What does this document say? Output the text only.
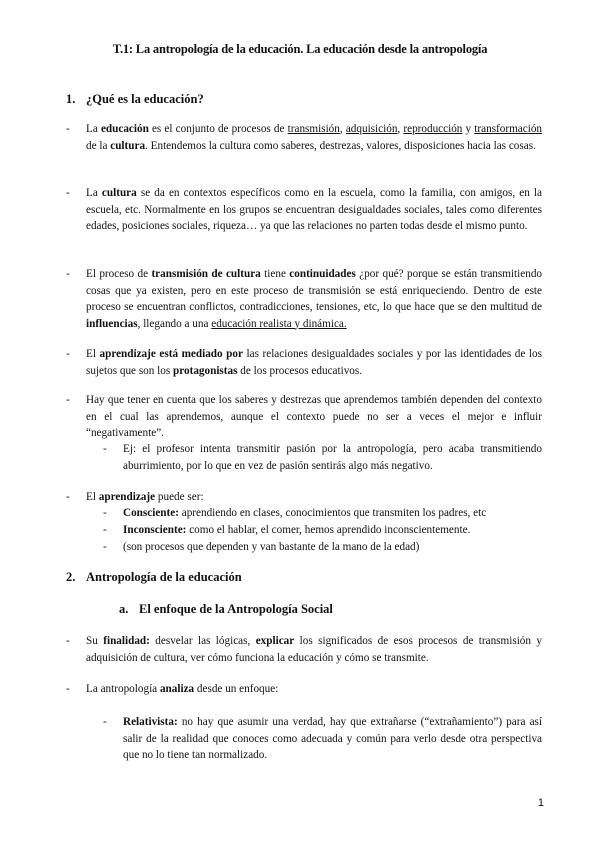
T.1: La antropología de la educación. La educación desde la antropología
1. ¿Qué es la educación?
- La educación es el conjunto de procesos de transmisión, adquisición, reproducción y transformación de la cultura. Entendemos la cultura como saberes, destrezas, valores, disposiciones hacia las cosas.
- La cultura se da en contextos específicos como en la escuela, como la familia, con amigos, en la escuela, etc. Normalmente en los grupos se encuentran desigualdades sociales, tales como diferentes edades, posiciones sociales, riqueza… ya que las relaciones no parten todas desde el mismo punto.
- El proceso de transmisión de cultura tiene continuidades ¿por qué? porque se están transmitiendo cosas que ya existen, pero en este proceso de transmisión se está enriqueciendo. Dentro de este proceso se encuentran conflictos, contradicciones, tensiones, etc, lo que hace que se den multitud de influencias, llegando a una educación realista y dinámica.
- El aprendizaje está mediado por las relaciones desigualdades sociales y por las identidades de los sujetos que son los protagonistas de los procesos educativos.
- Hay que tener en cuenta que los saberes y destrezas que aprendemos también dependen del contexto en el cual las aprendemos, aunque el contexto puede no ser a veces el mejor e influir “negativamente”.
- Ej: el profesor intenta transmitir pasión por la antropología, pero acaba transmitiendo aburrimiento, por lo que en vez de pasión sentirás algo más negativo.
- El aprendizaje puede ser:
- Consciente: aprendiendo en clases, conocimientos que transmiten los padres, etc
- Inconsciente: como el hablar, el comer, hemos aprendido inconscientemente.
- (son procesos que dependen y van bastante de la mano de la edad)
2. Antropología de la educación
a. El enfoque de la Antropología Social
- Su finalidad: desvelar las lógicas, explicar los significados de esos procesos de transmisión y adquisición de cultura, ver cómo funciona la educación y cómo se transmite.
- La antropología analiza desde un enfoque:
- Relativista: no hay que asumir una verdad, hay que extrañarse (“extrañamiento”) para así salir de la realidad que conoces como adecuada y común para verlo desde otra perspectiva que no lo tiene tan normalizado.
1
